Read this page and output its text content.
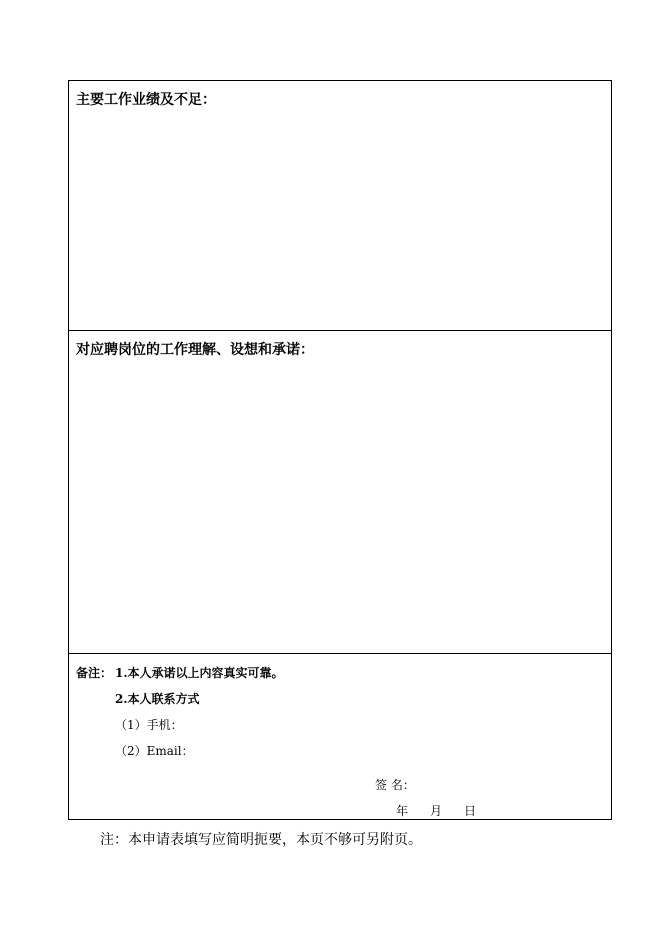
主要工作业绩及不足：
对应聘岗位的工作理解、设想和承诺：
备注： 1.本人承诺以上内容真实可靠。
2.本人联系方式
（1）手机：
（2）Email：
签 名：
年 月 日
注：本申请表填写应简明扼要，本页不够可另附页。
